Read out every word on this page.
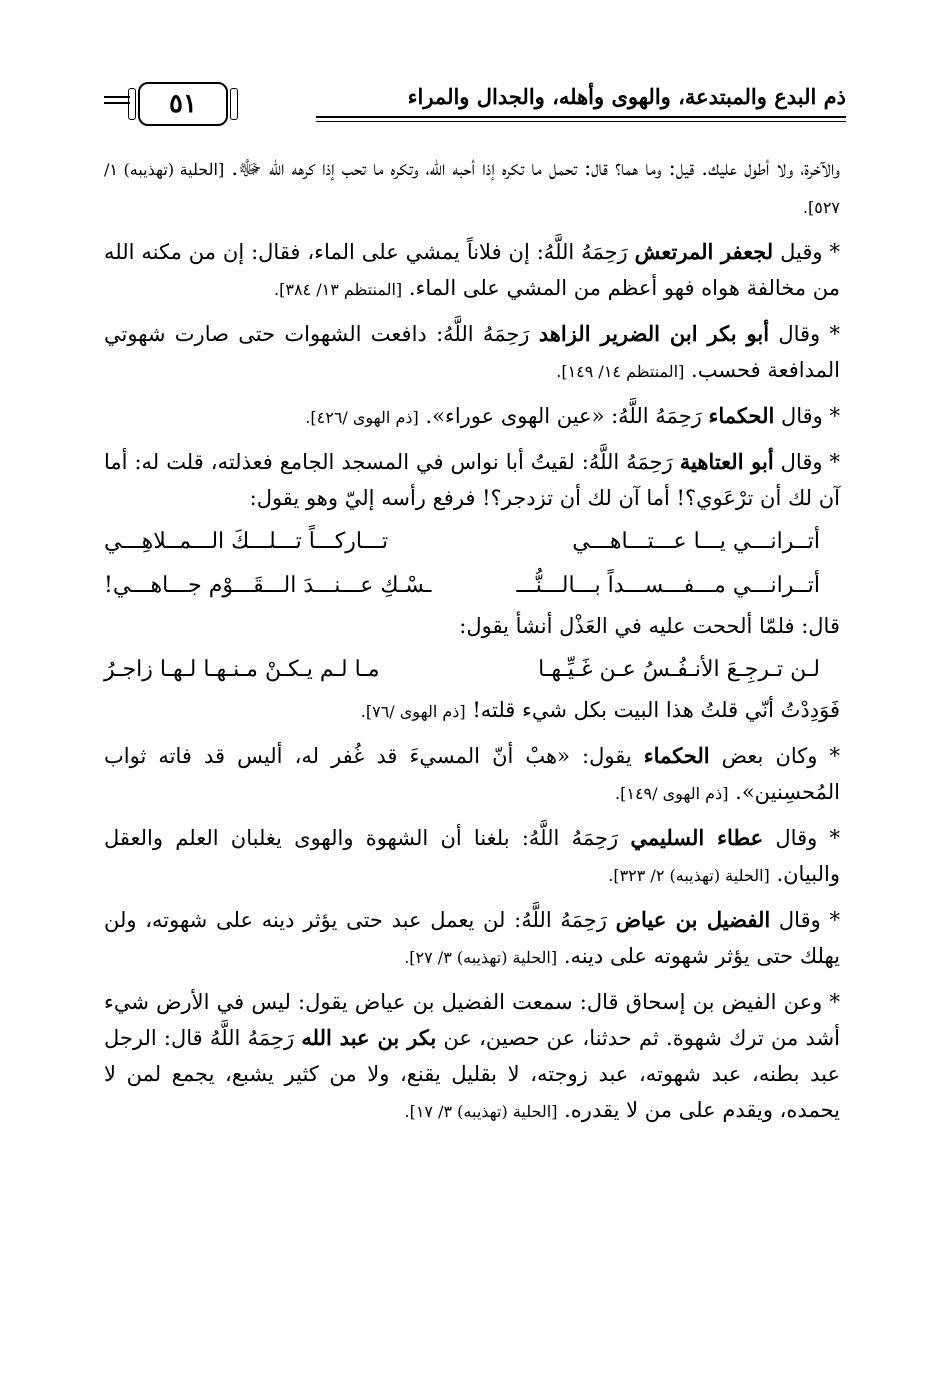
ذم البدع والمبتدعة، والهوى وأهله، والجدال والمراء
٥١

والآخرة، ولا أطول عليك. قيل: وما هما؟ قال: تحمل ما تكره إذا أحبه الله، وتكره ما تحب إذا كرهه الله ﷻ. [الحلية (تهذيبه) ١/ ٥٢٧].

* وقيل لجعفر المرتعش رَحِمَهُ اللَّهُ: إن فلاناً يمشي على الماء، فقال: إن من مكنه الله من مخالفة هواه فهو أعظم من المشي على الماء. [المنتظم ١٣/ ٣٨٤].

* وقال أبو بكر ابن الضرير الزاهد رَحِمَهُ اللَّهُ: دافعت الشهوات حتى صارت شهوتي المدافعة فحسب. [المنتظم ١٤/ ١٤٩].

* وقال الحكماء رَحِمَهُ اللَّهُ: «عين الهوى عوراء». [ذم الهوى /٤٢٦].

* وقال أبو العتاهية رَحِمَهُ اللَّهُ: لقيتُ أبا نواس في المسجد الجامع فعذلته، قلت له: أما آن لك أن ترْعَوي؟! أما آن لك أن تزدجر؟! فرفع رأسه إليّ وهو يقول:

أتــرانـــي يـــا عـــتـــاهـــي
تـــاركـــاً تـــلـــكَ الـــمــلاهِـــي
أتــرانـــي مـــفـــســـداً بـــالـــنُّـــ
ـسْـكِ عـــنـــدَ الـــقَـــوْم جـــاهـــي!

قال: فلمّا ألححت عليه في العَذْل أنشأ يقول:

لـن تـرجِـعَ الأنـفُـسُ عـن غَـيِّـهـا
مـا لـم يـكـنْ مـنـهـا لـهـا زاجـرُ

فَوَدِدْتُ أنّي قلتُ هذا البيت بكل شيء قلته! [ذم الهوى /٧٦].

* وكان بعض الحكماء يقول: «هبْ أنّ المسيءَ قد غُفر له، أليس قد فاته ثواب المُحسِنين». [ذم الهوى /١٤٩].

* وقال عطاء السليمي رَحِمَهُ اللَّهُ: بلغنا أن الشهوة والهوى يغلبان العلم والعقل والبيان. [الحلية (تهذيبه) ٢/ ٣٢٣].

* وقال الفضيل بن عياض رَحِمَهُ اللَّهُ: لن يعمل عبد حتى يؤثر دينه على شهوته، ولن يهلك حتى يؤثر شهوته على دينه. [الحلية (تهذيبه) ٣/ ٢٧].

* وعن الفيض بن إسحاق قال: سمعت الفضيل بن عياض يقول: ليس في الأرض شيء أشد من ترك شهوة. ثم حدثنا، عن حصين، عن بكر بن عبد الله رَحِمَهُ اللَّهُ قال: الرجل عبد بطنه، عبد شهوته، عبد زوجته، لا بقليل يقنع، ولا من كثير يشبع، يجمع لمن لا يحمده، ويقدم على من لا يقدره. [الحلية (تهذيبه) ٣/ ١٧].
